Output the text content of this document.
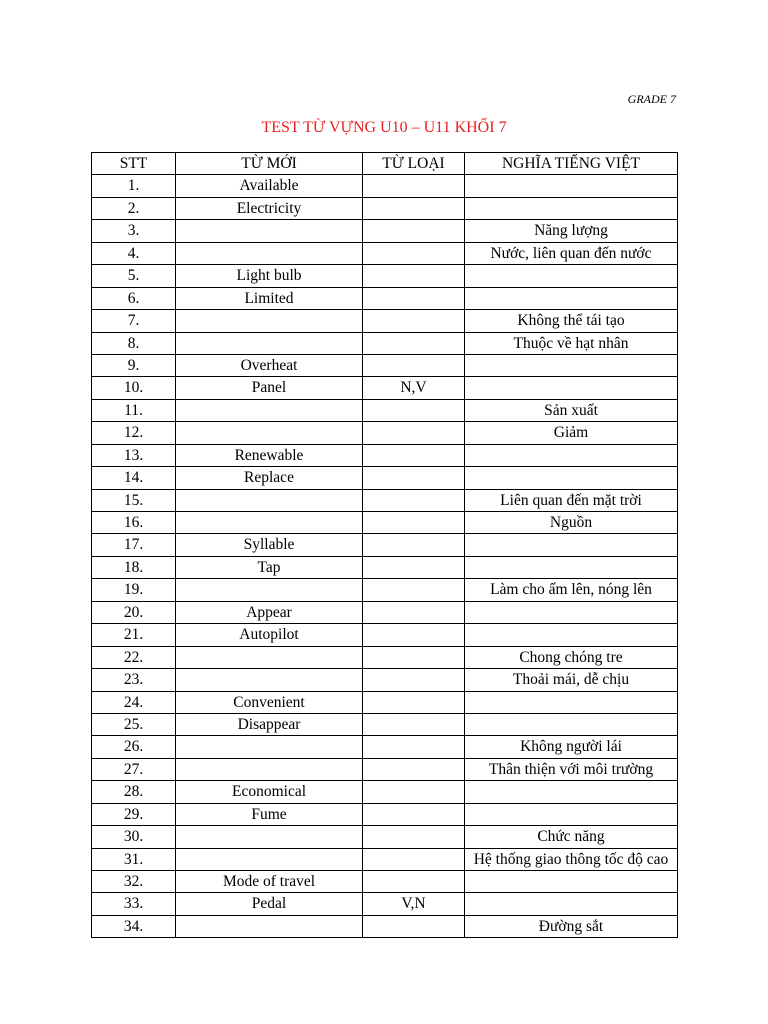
GRADE 7
TEST TỪ VỰNG U10 – U11 KHỐI 7
STT	TỪ MỚI	TỪ LOẠI	NGHĨA TIẾNG VIỆT
1.	Available		
2.	Electricity		
3.			Năng lượng
4.			Nước, liên quan đến nước
5.	Light bulb		
6.	Limited		
7.			Không thể tái tạo
8.			Thuộc về hạt nhân
9.	Overheat		
10.	Panel	N,V	
11.			Sản xuất
12.			Giảm
13.	Renewable		
14.	Replace		
15.			Liên quan đến mặt trời
16.			Nguồn
17.	Syllable		
18.	Tap		
19.			Làm cho ấm lên, nóng lên
20.	Appear		
21.	Autopilot		
22.			Chong chóng tre
23.			Thoải mái, dễ chịu
24.	Convenient		
25.	Disappear		
26.			Không người lái
27.			Thân thiện với môi trường
28.	Economical		
29.	Fume		
30.			Chức năng
31.			Hệ thống giao thông tốc độ cao
32.	Mode of travel		
33.	Pedal	V,N	
34.			Đường sắt
